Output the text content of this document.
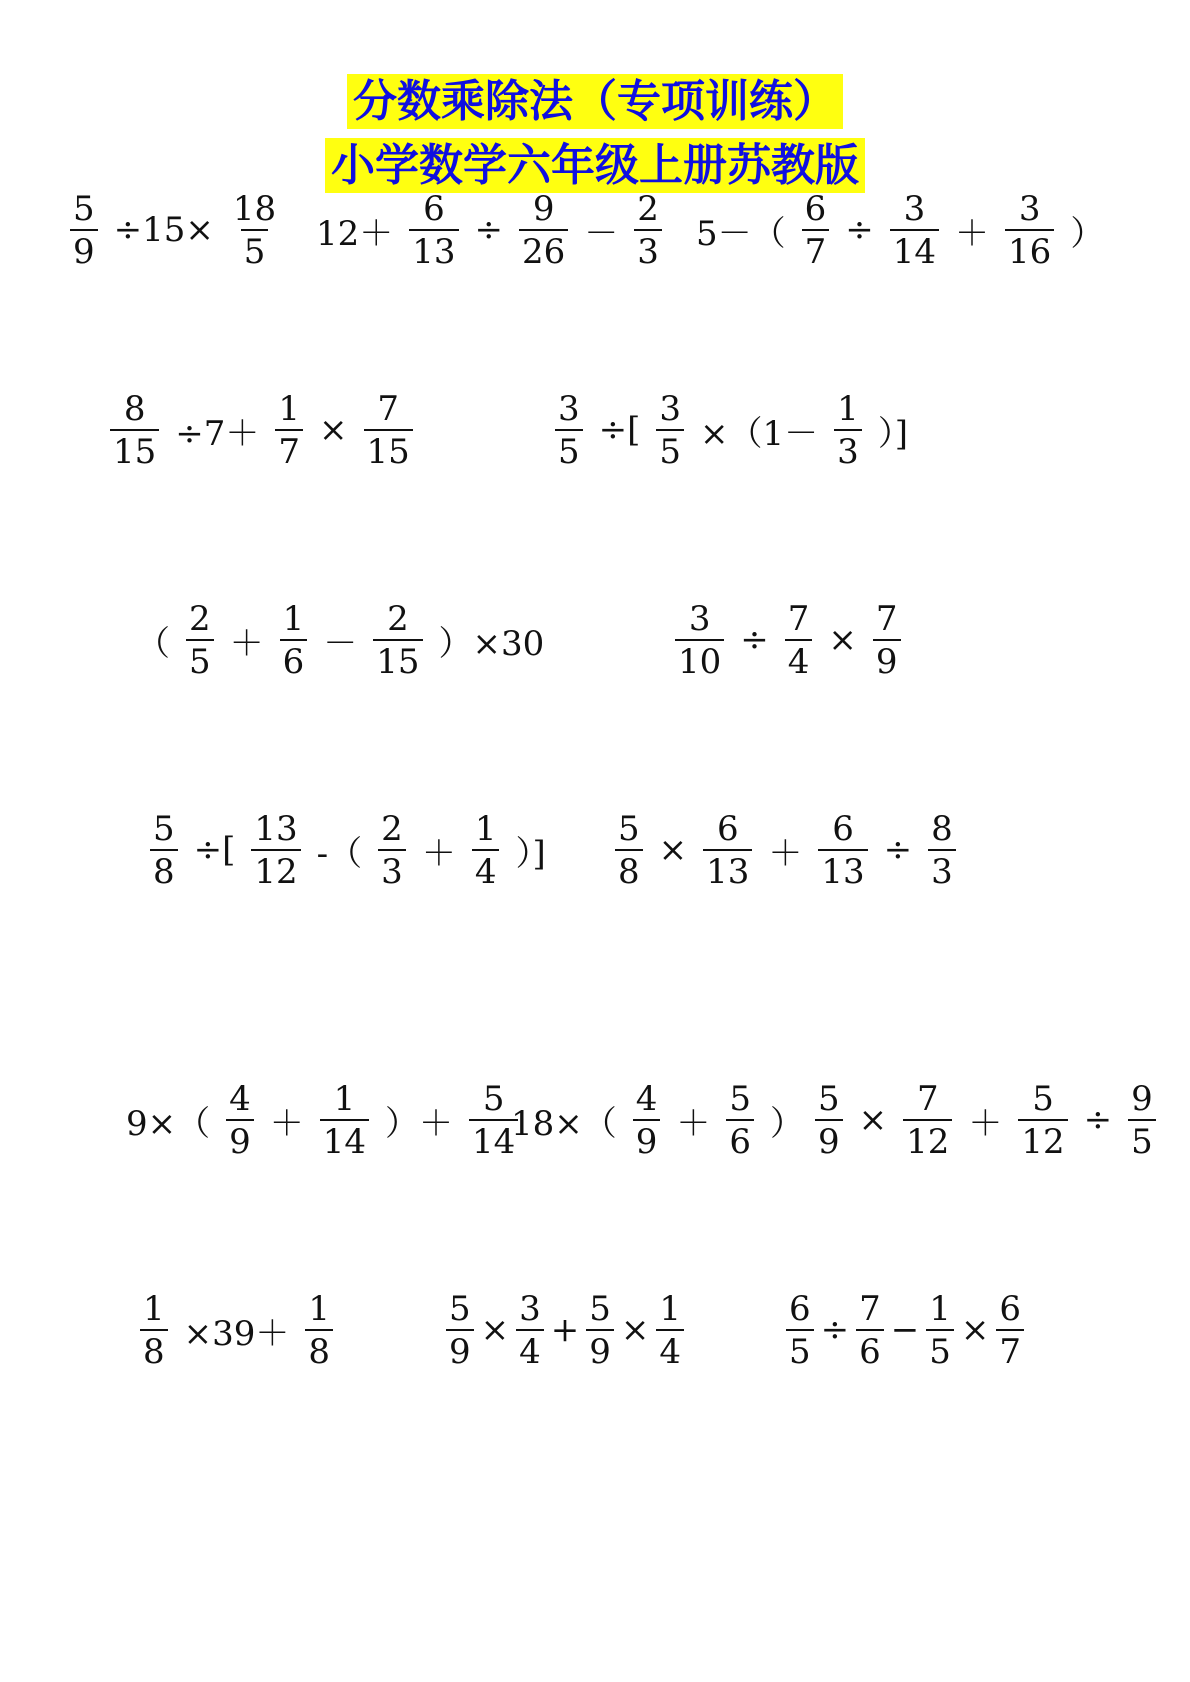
分数乘除法（专项训练）
小学数学六年级上册苏教版
$\frac{5}{9} \div 15\times \frac{18}{5} 12+ \frac{6}{13} \div \frac{9}{26} - \frac{2}{3} 5-( \frac{6}{7} \div \frac{3}{14} + \frac{3}{16}$ ）
$\frac{8}{15} \div 7+ \frac{1}{7} \times \frac{7}{15}$	$\frac{3}{5}$ ÷[ $\frac{3}{5} \times(1- \frac{1}{3}$ ）]
（ $\frac{2}{5} + \frac{1}{6} - \frac{2}{15} )\times 30$	$\frac{3}{10} \div \frac{7}{4} \times \frac{7}{9}$
$\frac{5}{8}$ ÷[ $\frac{13}{12}$ -（ $\frac{2}{3} + \frac{1}{4}$ ）] $\frac{5}{8} \times \frac{6}{13} + \frac{6}{13} \div \frac{8}{3}$
$9\times( \frac{4}{9} + \frac{1}{14}$ ）＋ $\frac{5}{14}$
$18\times( \frac{4}{9} + \frac{5}{6}$ ） $\frac{5}{9} \times \frac{7}{12} + \frac{5}{12} \div \frac{9}{5}$
$\frac{1}{8} \times 39+ \frac{1}{8}$	$\frac{5}{9} \times \frac{3}{4} + \frac{5}{9} \times \frac{1}{4}$	$\frac{6}{5} \div \frac{7}{6} - \frac{1}{5} \times \frac{6}{7}$
